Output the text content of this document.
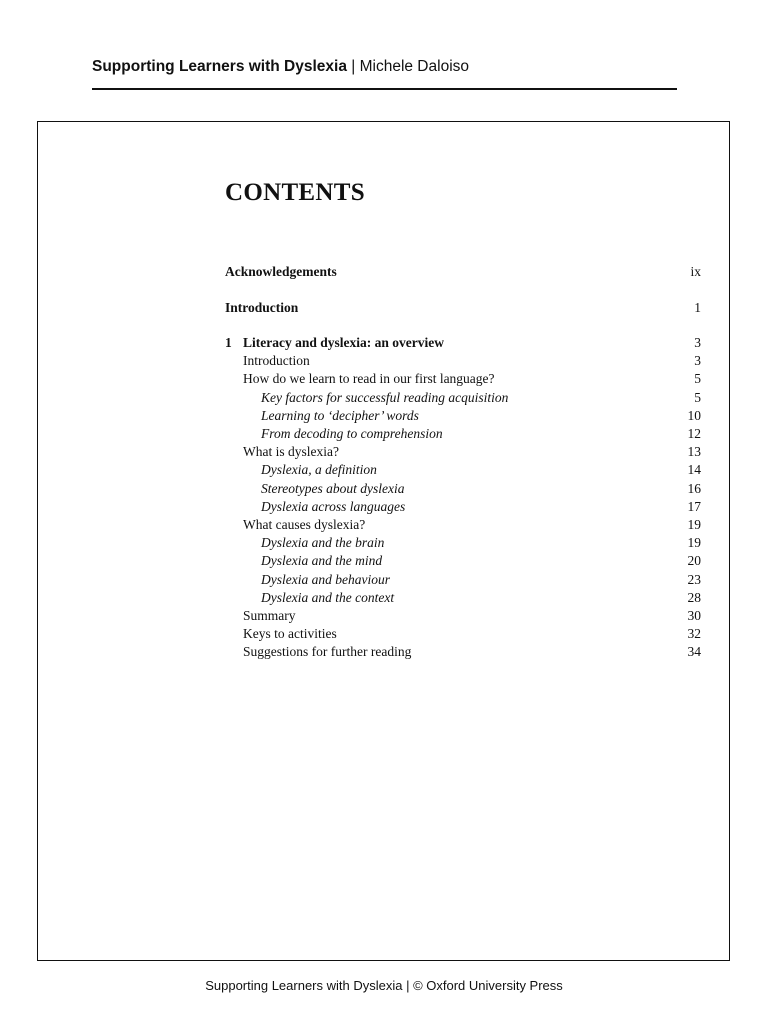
Supporting Learners with Dyslexia | Michele Daloiso
CONTENTS
Acknowledgements	ix
Introduction	1
1 Literacy and dyslexia: an overview	3
Introduction	3
How do we learn to read in our first language?	5
Key factors for successful reading acquisition	5
Learning to ‘decipher’ words	10
From decoding to comprehension	12
What is dyslexia?	13
Dyslexia, a definition	14
Stereotypes about dyslexia	16
Dyslexia across languages	17
What causes dyslexia?	19
Dyslexia and the brain	19
Dyslexia and the mind	20
Dyslexia and behaviour	23
Dyslexia and the context	28
Summary	30
Keys to activities	32
Suggestions for further reading	34
Supporting Learners with Dyslexia | © Oxford University Press
